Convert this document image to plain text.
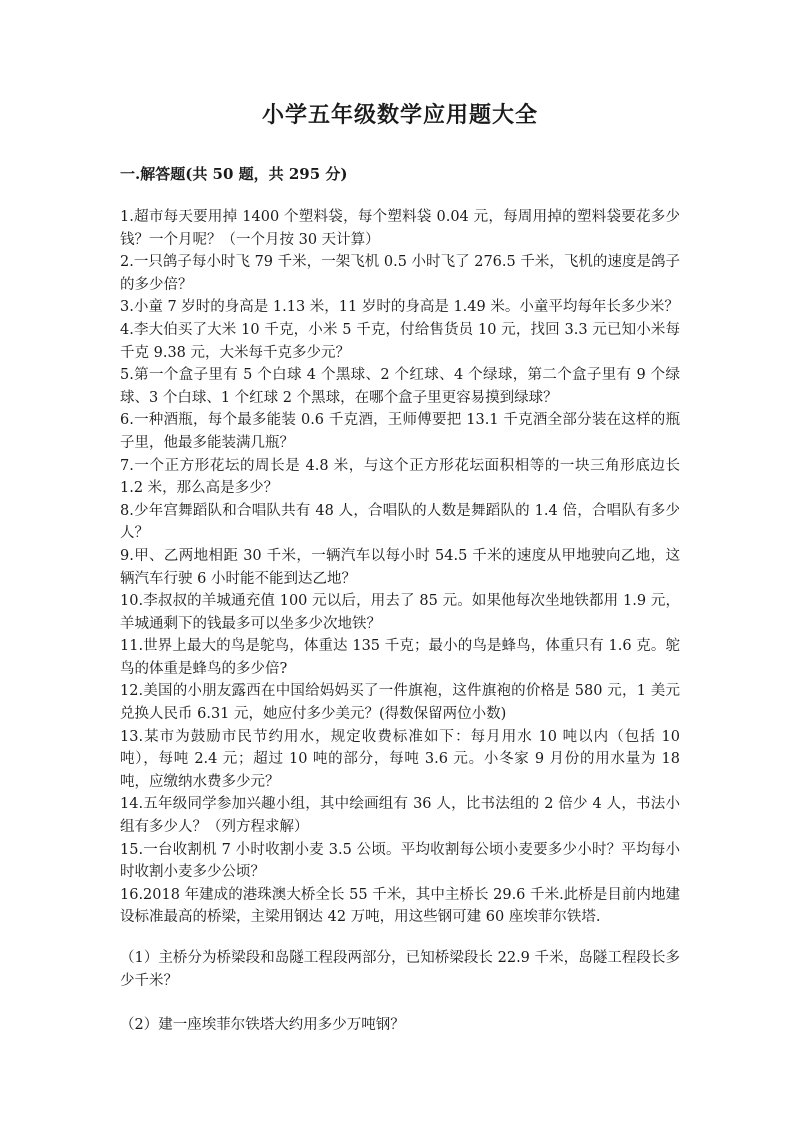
小学五年级数学应用题大全
一.解答题(共 50 题，共 295 分)

1.超市每天要用掉 1400 个塑料袋，每个塑料袋 0.04 元，每周用掉的塑料袋要花多少钱？一个月呢？（一个月按 30 天计算）

2.一只鸽子每小时飞 79 千米，一架飞机 0.5 小时飞了 276.5 千米，飞机的速度是鸽子的多少倍？

3.小童 7 岁时的身高是 1.13 米，11 岁时的身高是 1.49 米。小童平均每年长多少米？

4.李大伯买了大米 10 千克，小米 5 千克，付给售货员 10 元，找回 3.3 元已知小米每千克 9.38 元，大米每千克多少元？

5.第一个盒子里有 5 个白球 4 个黑球、2 个红球、4 个绿球，第二个盒子里有 9 个绿球、3 个白球、1 个红球 2 个黑球，在哪个盒子里更容易摸到绿球？

6.一种酒瓶，每个最多能装 0.6 千克酒，王师傅要把 13.1 千克酒全部分装在这样的瓶子里，他最多能装满几瓶？

7.一个正方形花坛的周长是 4.8 米，与这个正方形花坛面积相等的一块三角形底边长 1.2 米，那么高是多少？

8.少年宫舞蹈队和合唱队共有 48 人，合唱队的人数是舞蹈队的 1.4 倍，合唱队有多少人？

9.甲、乙两地相距 30 千米，一辆汽车以每小时 54.5 千米的速度从甲地驶向乙地，这辆汽车行驶 6 小时能不能到达乙地？

10.李叔叔的羊城通充值 100 元以后，用去了 85 元。如果他每次坐地铁都用 1.9 元，羊城通剩下的钱最多可以坐多少次地铁？

11.世界上最大的鸟是鸵鸟，体重达 135 千克；最小的鸟是蜂鸟，体重只有 1.6 克。鸵鸟的体重是蜂鸟的多少倍?

12.美国的小朋友露西在中国给妈妈买了一件旗袍，这件旗袍的价格是 580 元，1 美元兑换人民币 6.31 元，她应付多少美元？(得数保留两位小数)

13.某市为鼓励市民节约用水，规定收费标准如下：每月用水 10 吨以内（包括 10 吨），每吨 2.4 元；超过 10 吨的部分，每吨 3.6 元。小冬家 9 月份的用水量为 18 吨，应缴纳水费多少元？

14.五年级同学参加兴趣小组，其中绘画组有 36 人，比书法组的 2 倍少 4 人，书法小组有多少人？（列方程求解）

15.一台收割机 7 小时收割小麦 3.5 公顷。平均收割每公顷小麦要多少小时？平均每小时收割小麦多少公顷？

16.2018 年建成的港珠澳大桥全长 55 千米，其中主桥长 29.6 千米.此桥是目前内地建设标准最高的桥梁，主梁用钢达 42 万吨，用这些钢可建 60 座埃菲尔铁塔.

（1）主桥分为桥梁段和岛隧工程段两部分，已知桥梁段长 22.9 千米，岛隧工程段长多少千米？

（2）建一座埃菲尔铁塔大约用多少万吨钢？
